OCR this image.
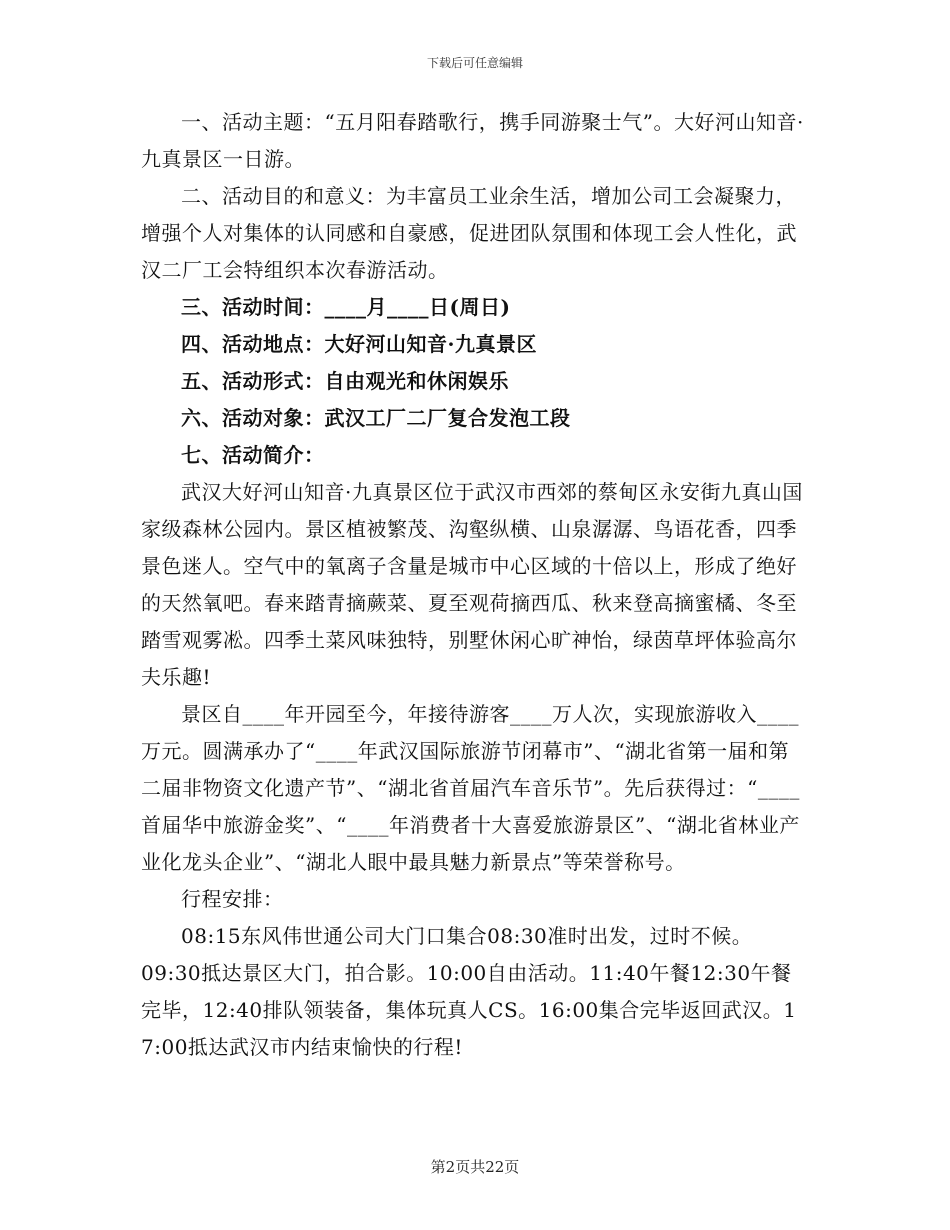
下载后可任意编辑

一、活动主题：“五月阳春踏歌行，携手同游聚士气”。大好河山知音·九真景区一日游。

二、活动目的和意义：为丰富员工业余生活，增加公司工会凝聚力，增强个人对集体的认同感和自豪感，促进团队氛围和体现工会人性化，武汉二厂工会特组织本次春游活动。

三、活动时间：____月____日(周日)

四、活动地点：大好河山知音·九真景区

五、活动形式：自由观光和休闲娱乐

六、活动对象：武汉工厂二厂复合发泡工段

七、活动简介：

武汉大好河山知音·九真景区位于武汉市西郊的蔡甸区永安街九真山国家级森林公园内。景区植被繁茂、沟壑纵横、山泉潺潺、鸟语花香，四季景色迷人。空气中的氧离子含量是城市中心区域的十倍以上，形成了绝好的天然氧吧。春来踏青摘蕨菜、夏至观荷摘西瓜、秋来登高摘蜜橘、冬至踏雪观雾凇。四季土菜风味独特，别墅休闲心旷神怡，绿茵草坪体验高尔夫乐趣!

景区自____年开园至今，年接待游客____万人次，实现旅游收入____万元。圆满承办了“____年武汉国际旅游节闭幕市”、“湖北省第一届和第二届非物资文化遗产节”、“湖北省首届汽车音乐节”。先后获得过：“____首届华中旅游金奖”、“____年消费者十大喜爱旅游景区”、“湖北省林业产业化龙头企业”、“湖北人眼中最具魅力新景点”等荣誉称号。

行程安排：

08:15东风伟世通公司大门口集合08:30准时出发，过时不候。

09:30抵达景区大门，拍合影。10:00自由活动。11:40午餐12:30午餐完毕，12:40排队领装备，集体玩真人CS。16:00集合完毕返回武汉。17:00抵达武汉市内结束愉快的行程!

第2页共22页
